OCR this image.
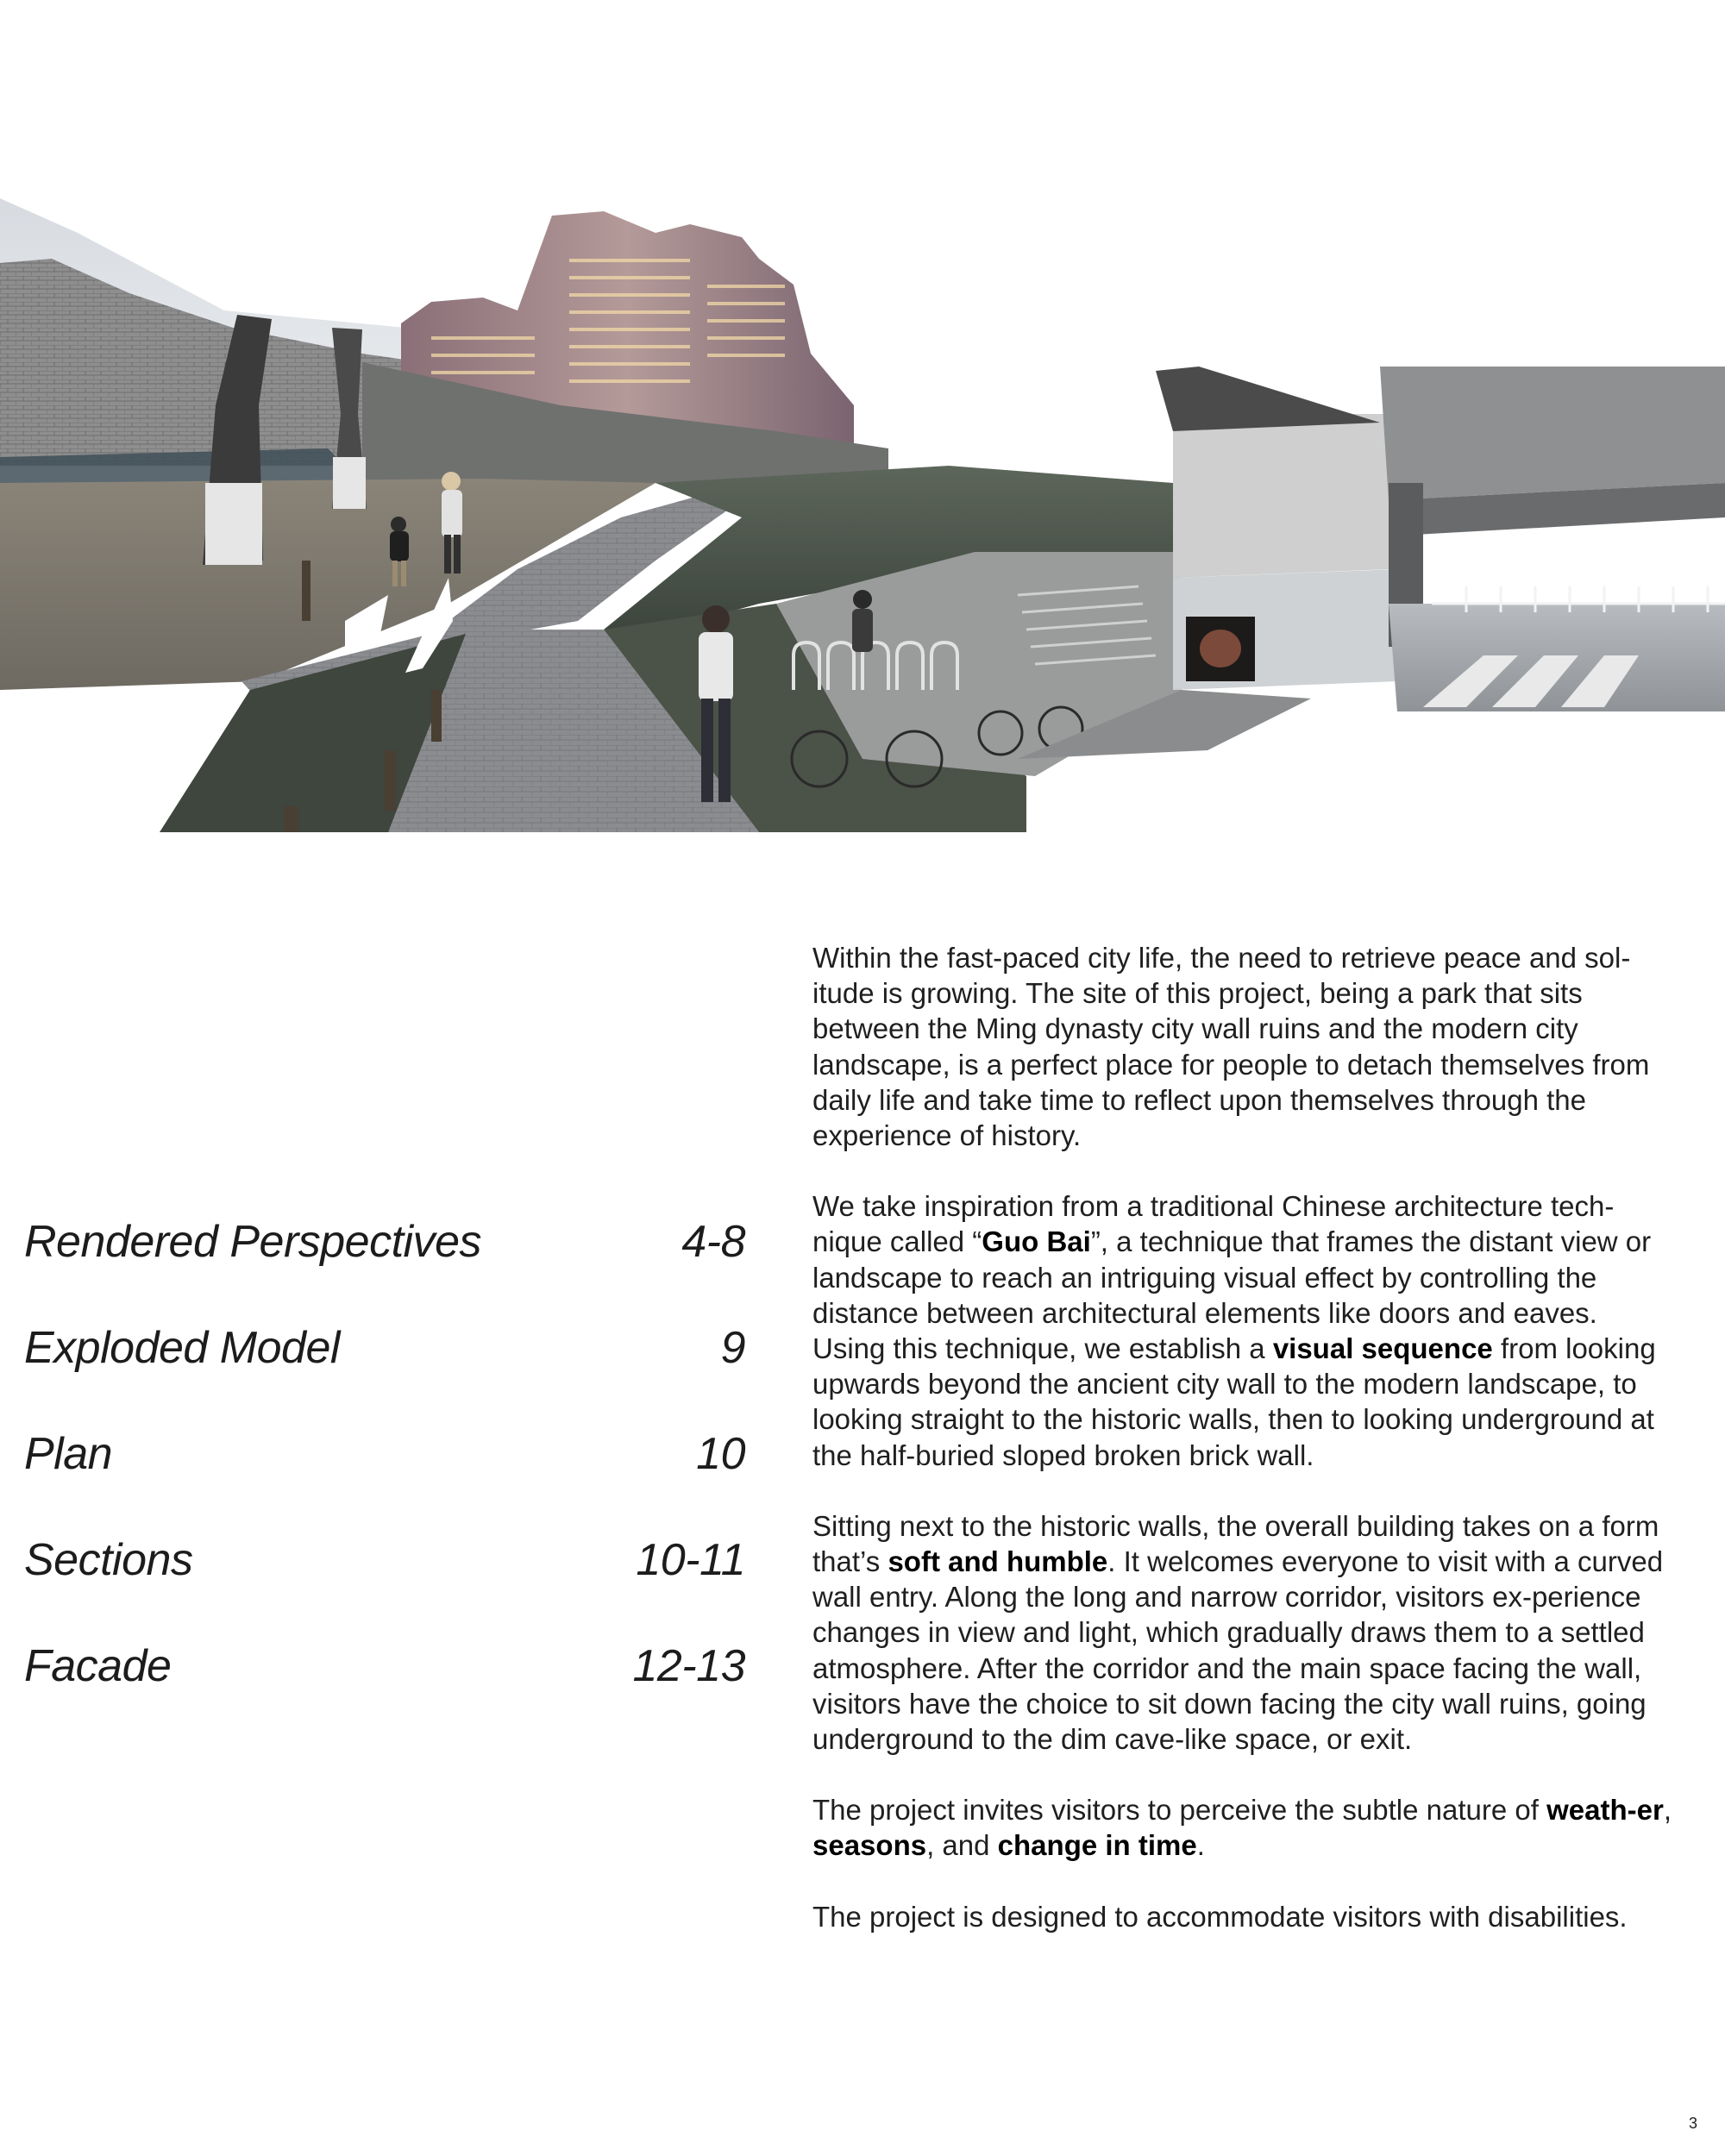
Rendered Perspectives	4-8
Exploded Model	9
Plan	10
Sections	10-11
Facade	12-13

Within the fast-paced city life, the need to retrieve peace and sol-itude is growing. The site of this project, being a park that sits between the Ming dynasty city wall ruins and the modern city landscape, is a perfect place for people to detach themselves from daily life and take time to reflect upon themselves through the experience of history.

We take inspiration from a traditional Chinese architecture tech-nique called “Guo Bai”, a technique that frames the distant view or landscape to reach an intriguing visual effect by controlling the distance between architectural elements like doors and eaves. Using this technique, we establish a visual sequence from looking upwards beyond the ancient city wall to the modern landscape, to looking straight to the historic walls, then to looking underground at the half-buried sloped broken brick wall.

Sitting next to the historic walls, the overall building takes on a form that’s soft and humble. It welcomes everyone to visit with a curved wall entry. Along the long and narrow corridor, visitors ex-perience changes in view and light, which gradually draws them to a settled atmosphere. After the corridor and the main space facing the wall, visitors have the choice to sit down facing the city wall ruins, going underground to the dim cave-like space, or exit.

The project invites visitors to perceive the subtle nature of weath-er, seasons, and change in time.

The project is designed to accommodate visitors with disabilities.

3
